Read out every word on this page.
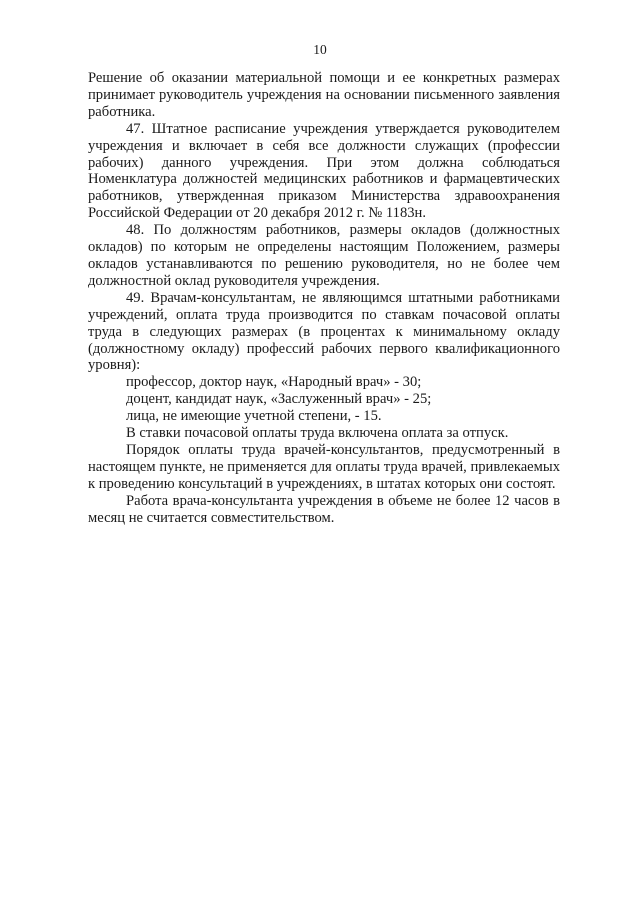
10

Решение об оказании материальной помощи и ее конкретных размерах принимает руководитель учреждения на основании письменного заявления работника.

47. Штатное расписание учреждения утверждается руководителем учреждения и включает в себя все должности служащих (профессии рабочих) данного учреждения. При этом должна соблюдаться Номенклатура должностей медицинских работников и фармацевтических работников, утвержденная приказом Министерства здравоохранения Российской Федерации от 20 декабря 2012 г. № 1183н.

48. По должностям работников, размеры окладов (должностных окладов) по которым не определены настоящим Положением, размеры окладов устанавливаются по решению руководителя, но не более чем должностной оклад руководителя учреждения.

49. Врачам-консультантам, не являющимся штатными работниками учреждений, оплата труда производится по ставкам почасовой оплаты труда в следующих размерах (в процентах к минимальному окладу (должностному окладу) профессий рабочих первого квалификационного уровня):

профессор, доктор наук, «Народный врач» - 30;

доцент, кандидат наук, «Заслуженный врач» - 25;

лица, не имеющие учетной степени, - 15.

В ставки почасовой оплаты труда включена оплата за отпуск.

Порядок оплаты труда врачей-консультантов, предусмотренный в настоящем пункте, не применяется для оплаты труда врачей, привлекаемых к проведению консультаций в учреждениях, в штатах которых они состоят.

Работа врача-консультанта учреждения в объеме не более 12 часов в месяц не считается совместительством.
